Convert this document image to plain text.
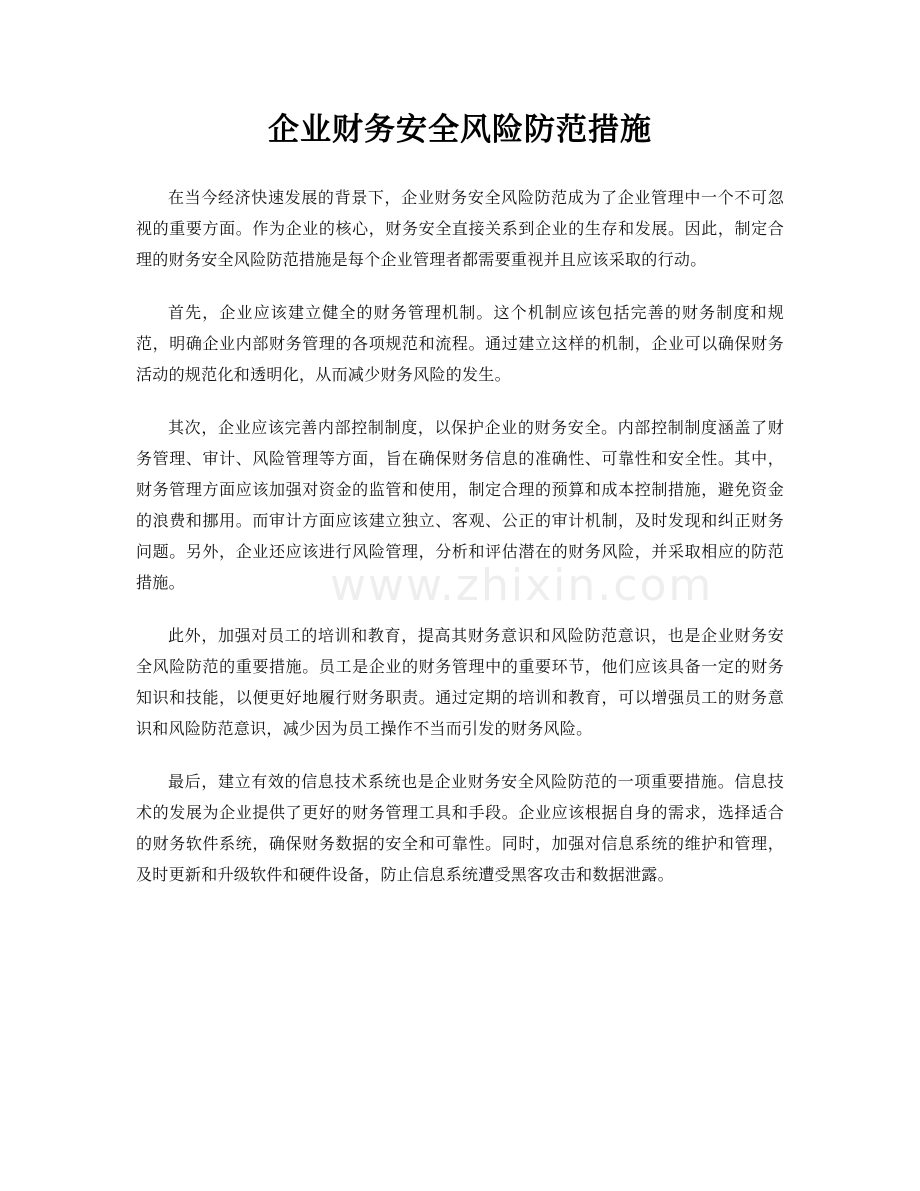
企业财务安全风险防范措施
www.zhixin.com

在当今经济快速发展的背景下，企业财务安全风险防范成为了企业管理中一个不可忽视的重要方面。作为企业的核心，财务安全直接关系到企业的生存和发展。因此，制定合理的财务安全风险防范措施是每个企业管理者都需要重视并且应该采取的行动。

首先，企业应该建立健全的财务管理机制。这个机制应该包括完善的财务制度和规范，明确企业内部财务管理的各项规范和流程。通过建立这样的机制，企业可以确保财务活动的规范化和透明化，从而减少财务风险的发生。

其次，企业应该完善内部控制制度，以保护企业的财务安全。内部控制制度涵盖了财务管理、审计、风险管理等方面，旨在确保财务信息的准确性、可靠性和安全性。其中，财务管理方面应该加强对资金的监管和使用，制定合理的预算和成本控制措施，避免资金的浪费和挪用。而审计方面应该建立独立、客观、公正的审计机制，及时发现和纠正财务问题。另外，企业还应该进行风险管理，分析和评估潜在的财务风险，并采取相应的防范措施。

此外，加强对员工的培训和教育，提高其财务意识和风险防范意识，也是企业财务安全风险防范的重要措施。员工是企业的财务管理中的重要环节，他们应该具备一定的财务知识和技能，以便更好地履行财务职责。通过定期的培训和教育，可以增强员工的财务意识和风险防范意识，减少因为员工操作不当而引发的财务风险。

最后，建立有效的信息技术系统也是企业财务安全风险防范的一项重要措施。信息技术的发展为企业提供了更好的财务管理工具和手段。企业应该根据自身的需求，选择适合的财务软件系统，确保财务数据的安全和可靠性。同时，加强对信息系统的维护和管理，及时更新和升级软件和硬件设备，防止信息系统遭受黑客攻击和数据泄露。
